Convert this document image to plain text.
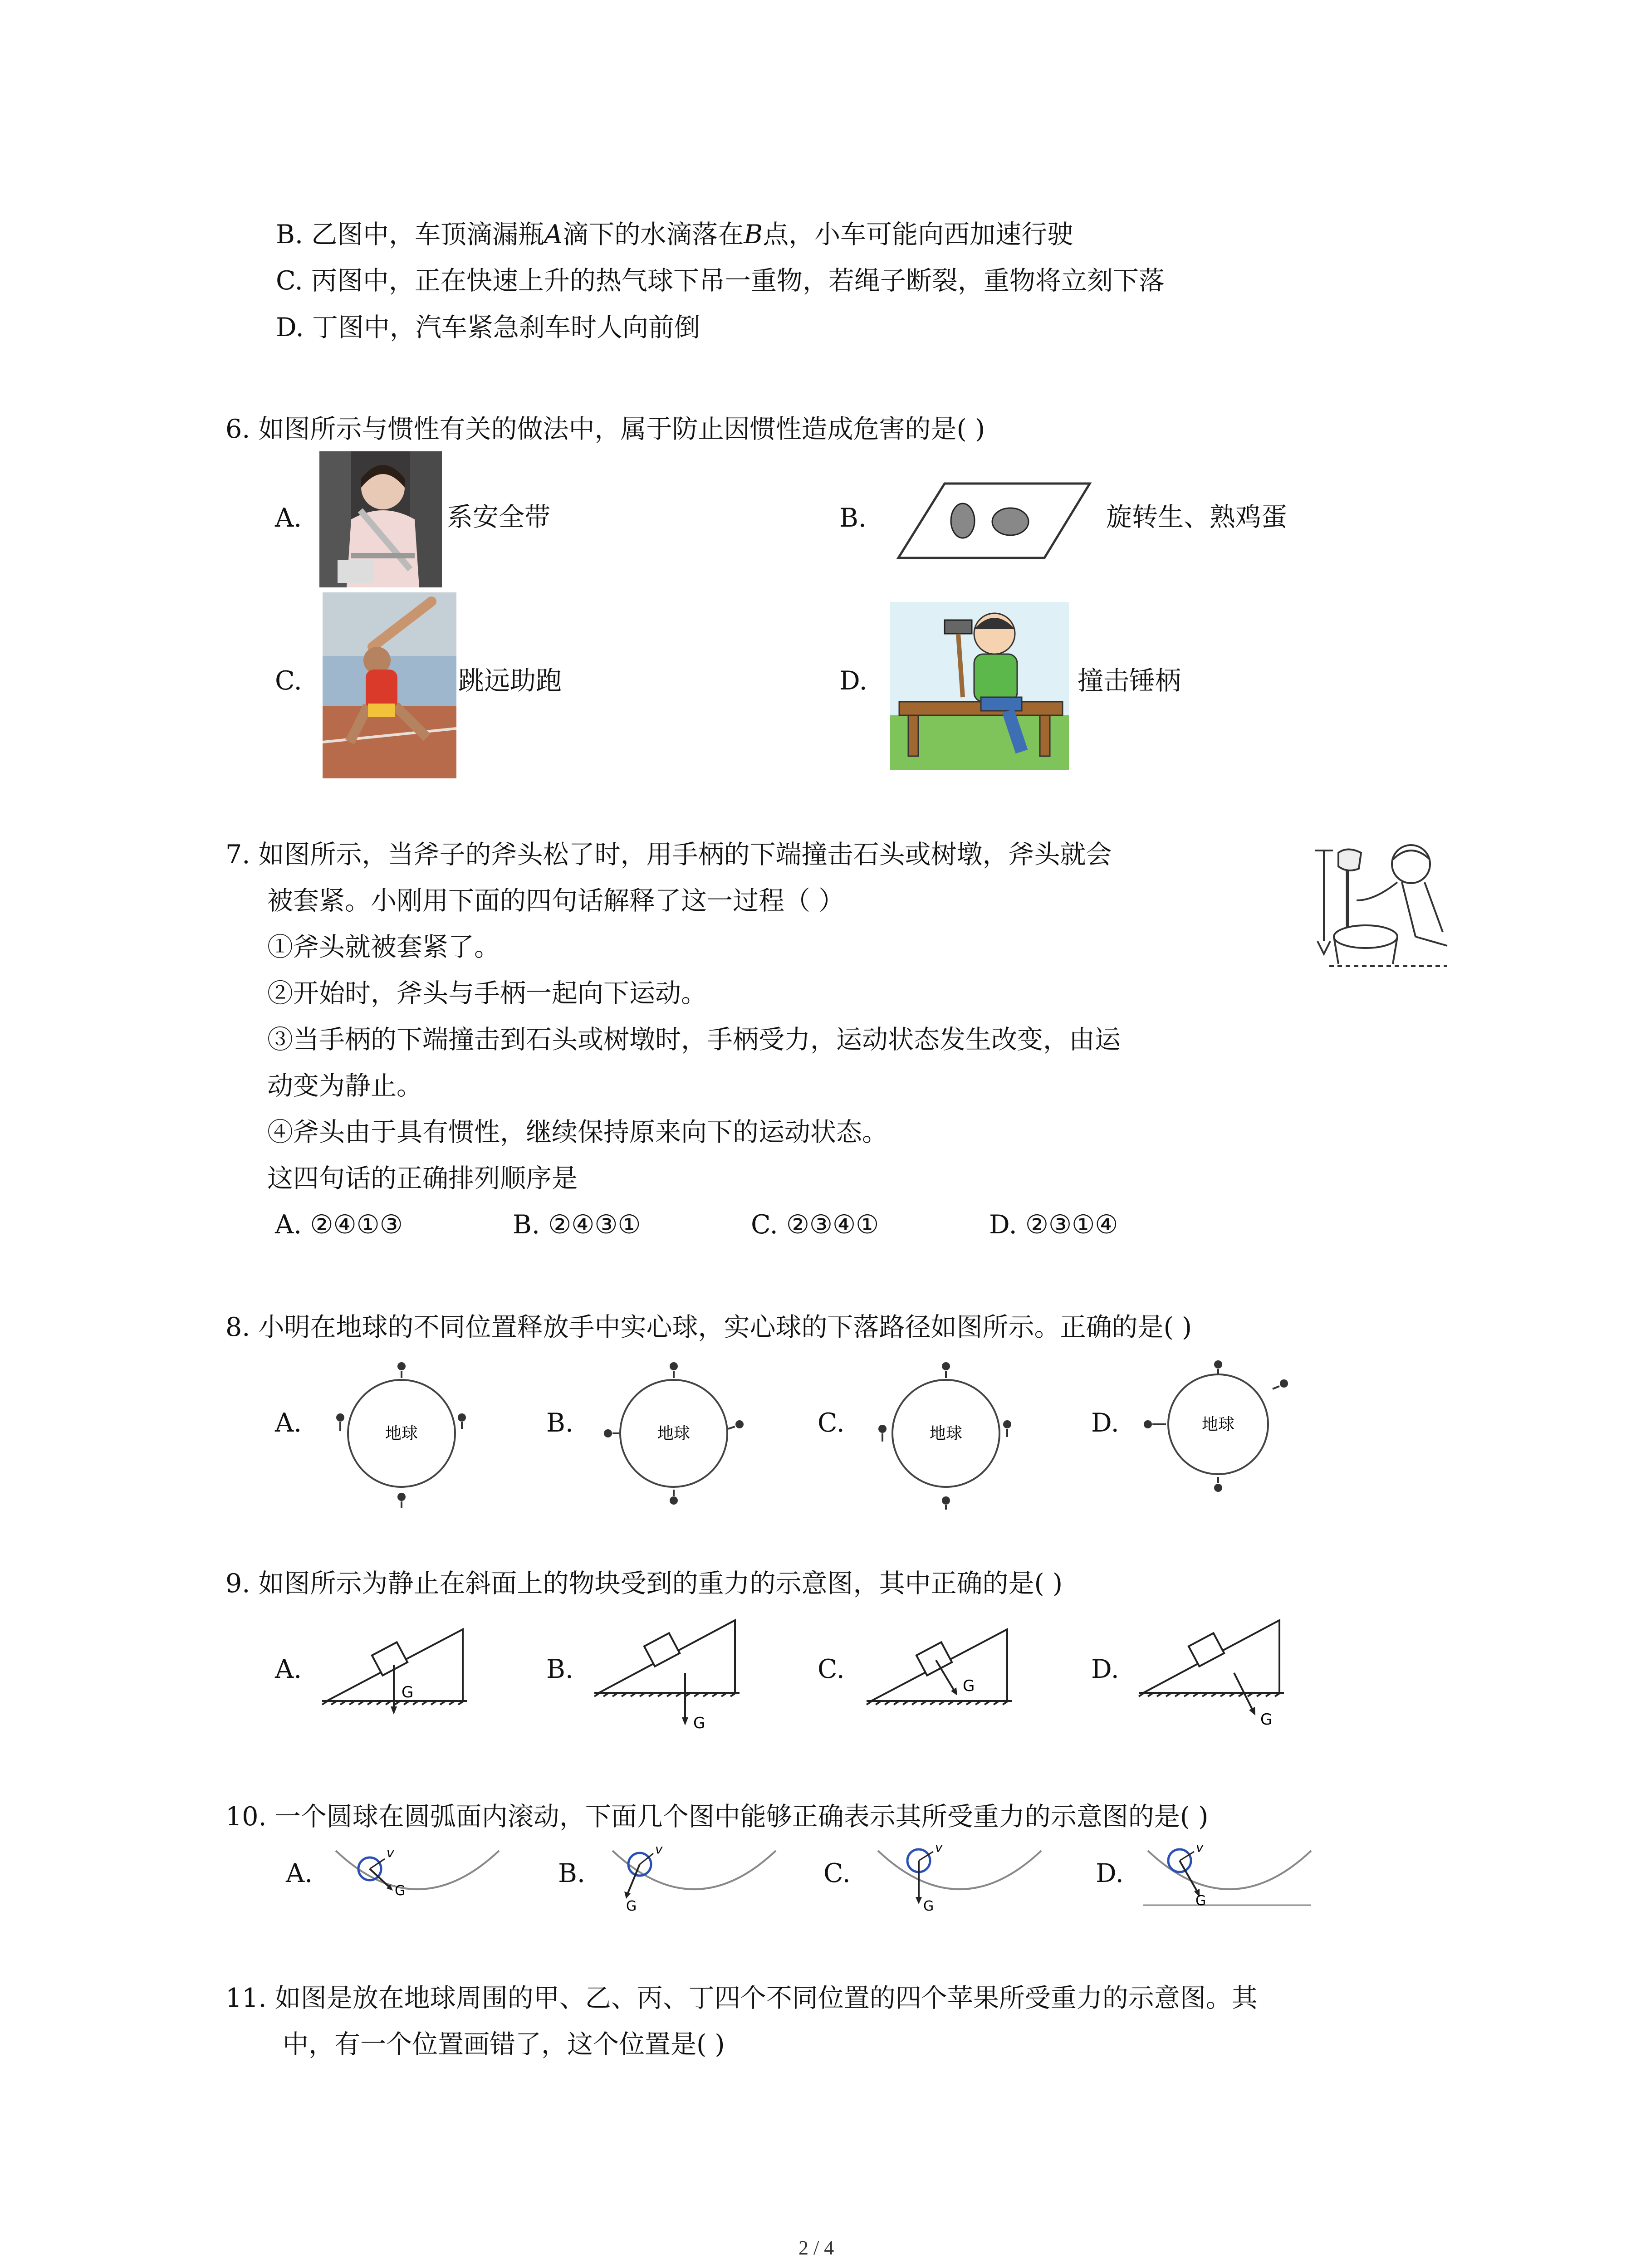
B. 乙图中，车顶滴漏瓶A滴下的水滴落在B点，小车可能向西加速行驶
C. 丙图中，正在快速上升的热气球下吊一重物，若绳子断裂，重物将立刻下落
D. 丁图中，汽车紧急刹车时人向前倒
6. 如图所示与惯性有关的做法中，属于防止因惯性造成危害的是( )
A.	系安全带	B.	旋转生、熟鸡蛋
C.	跳远助跑	D.	撞击锤柄
7. 如图所示，当斧子的斧头松了时，用手柄的下端撞击石头或树墩，斧头就会
被套紧。小刚用下面的四句话解释了这一过程（ ）
①斧头就被套紧了。
②开始时，斧头与手柄一起向下运动。
③当手柄的下端撞击到石头或树墩时，手柄受力，运动状态发生改变，由运
动变为静止。
④斧头由于具有惯性，继续保持原来向下的运动状态。
这四句话的正确排列顺序是
A. ②④①③	B. ②④③①	C. ②③④①	D. ②③①④
8. 小明在地球的不同位置释放手中实心球，实心球的下落路径如图所示。正确的是( )
A.	地球	B.	地球	C.	地球	D.	地球
9. 如图所示为静止在斜面上的物块受到的重力的示意图，其中正确的是( )
A.
G
B.
G
C.
G
D.
G
10. 一个圆球在圆弧面内滚动，下面几个图中能够正确表示其所受重力的示意图的是( )
A.
v
G
B.
v
G
C.
v
G
D.
v
G
11. 如图是放在地球周围的甲、乙、丙、丁四个不同位置的四个苹果所受重力的示意图。其
中，有一个位置画错了，这个位置是( )
2 / 4
